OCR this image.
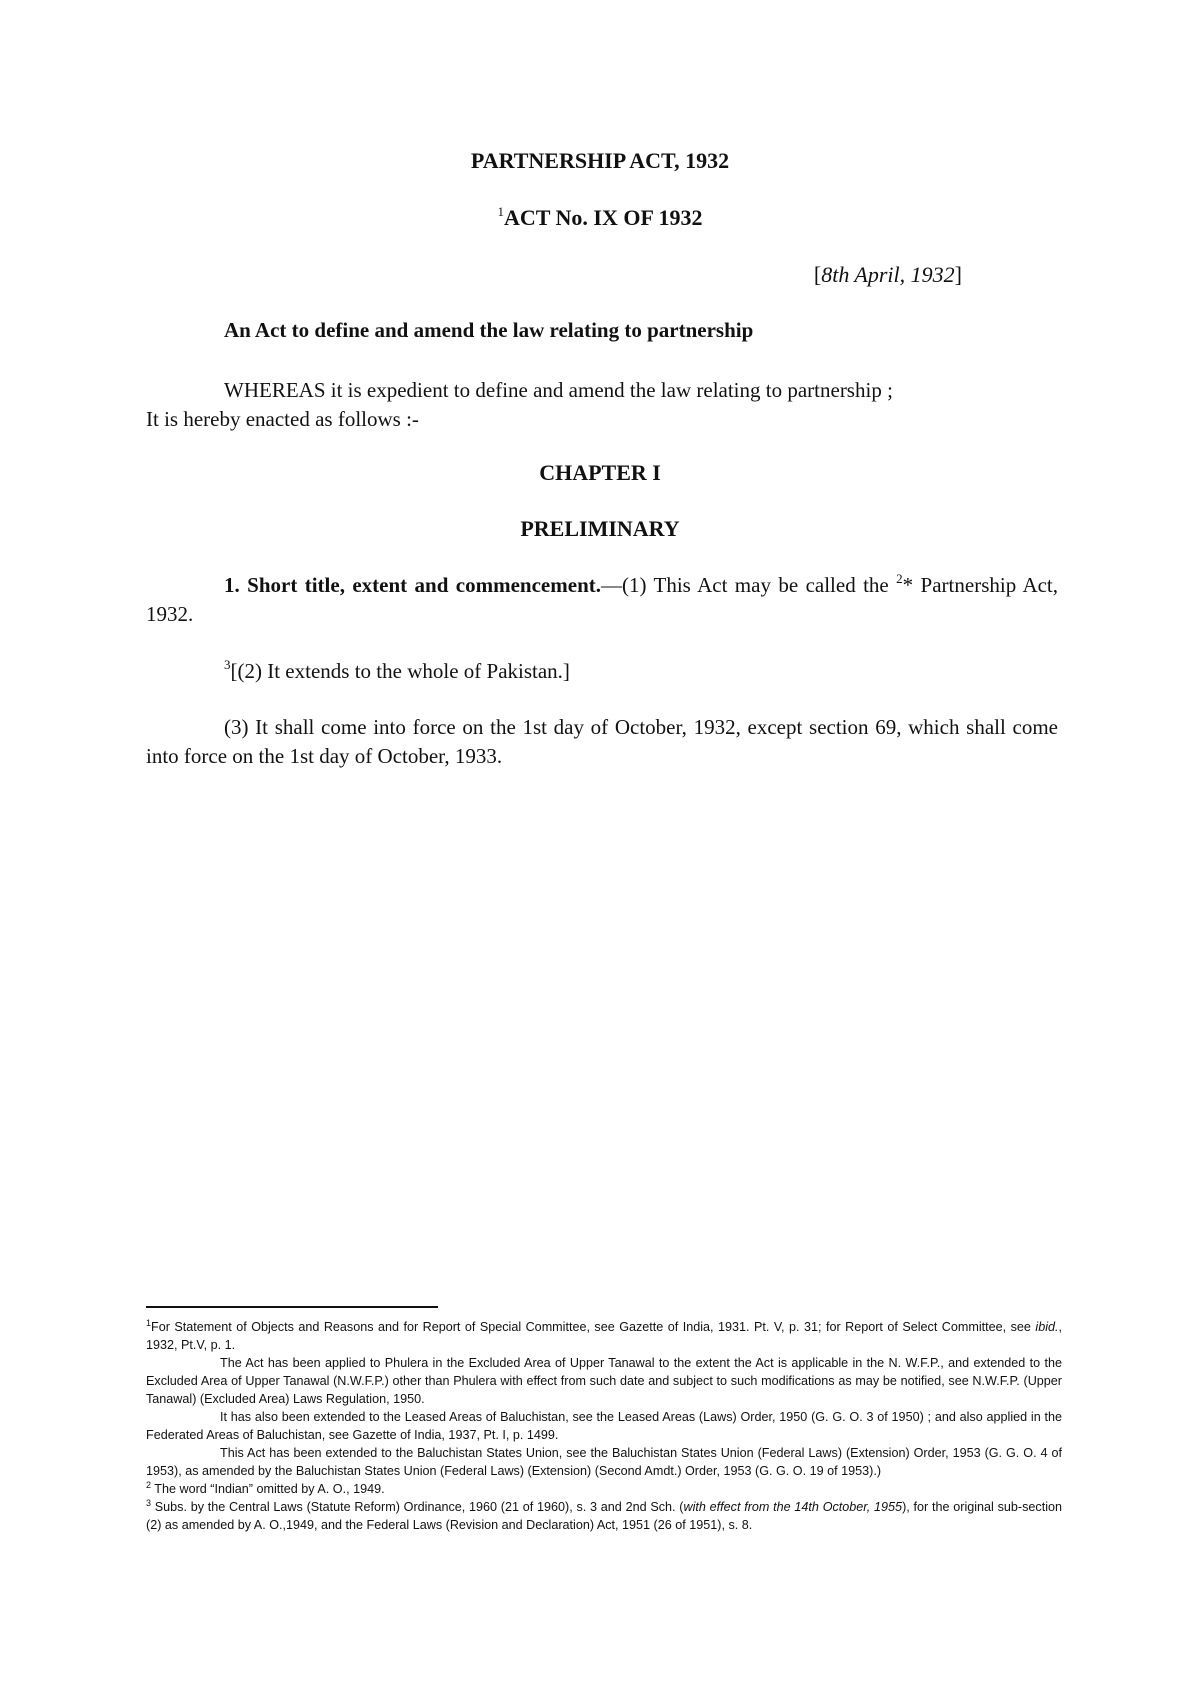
PARTNERSHIP ACT, 1932
$^1$ACT No. IX OF 1932
[8th April, 1932]
An Act to define and amend the law relating to partnership
WHEREAS it is expedient to define and amend the law relating to partnership ;
It is hereby enacted as follows :-
CHAPTER I
PRELIMINARY
1. Short title, extent and commencement.—(1) This Act may be called the $^2$* Partnership Act, 1932.
$^3$[(2) It extends to the whole of Pakistan.]
(3) It shall come into force on the 1st day of October, 1932, except section 69, which shall come into force on the 1st day of October, 1933.

$^1$For Statement of Objects and Reasons and for Report of Special Committee, see Gazette of India, 1931. Pt. V, p. 31; for Report of Select Committee, see ibid., 1932, Pt.V, p. 1.

The Act has been applied to Phulera in the Excluded Area of Upper Tanawal to the extent the Act is applicable in the N. W.F.P., and extended to the Excluded Area of Upper Tanawal (N.W.F.P.) other than Phulera with effect from such date and subject to such modifications as may be notified, see N.W.F.P. (Upper Tanawal) (Excluded Area) Laws Regulation, 1950.

It has also been extended to the Leased Areas of Baluchistan, see the Leased Areas (Laws) Order, 1950 (G. G. O. 3 of 1950) ; and also applied in the Federated Areas of Baluchistan, see Gazette of India, 1937, Pt. I, p. 1499.

This Act has been extended to the Baluchistan States Union, see the Baluchistan States Union (Federal Laws) (Extension) Order, 1953 (G. G. O. 4 of 1953), as amended by the Baluchistan States Union (Federal Laws) (Extension) (Second Amdt.) Order, 1953 (G. G. O. 19 of 1953).)

$^2$ The word “Indian” omitted by A. O., 1949.

$^3$ Subs. by the Central Laws (Statute Reform) Ordinance, 1960 (21 of 1960), s. 3 and 2nd Sch. (with effect from the 14th October, 1955), for the original sub-section (2) as amended by A. O.,1949, and the Federal Laws (Revision and Declaration) Act, 1951 (26 of 1951), s. 8.
